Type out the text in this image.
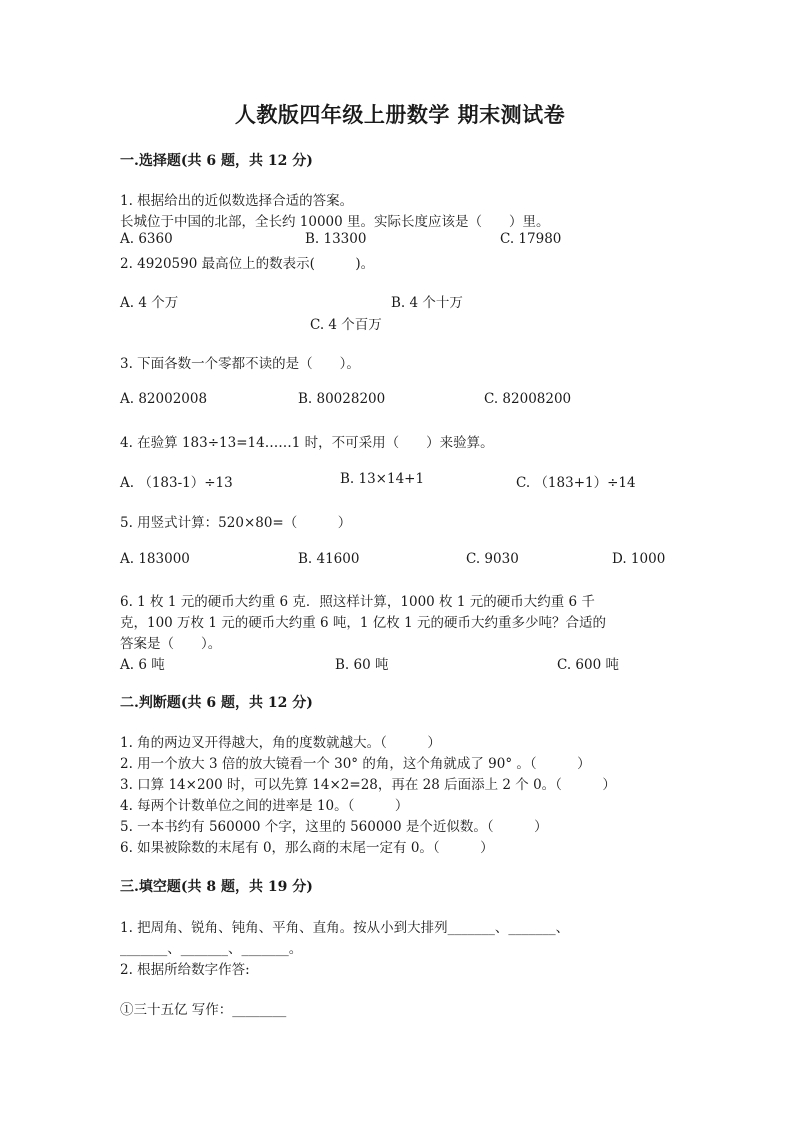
人教版四年级上册数学 期末测试卷
一.选择题(共 6 题，共 12 分)
1. 根据给出的近似数选择合适的答案。
长城位于中国的北部，全长约 10000 里。实际长度应该是（　　）里。
A. 6360	B. 13300	C. 17980
2. 4920590 最高位上的数表示(　　　)。
A. 4 个万	B. 4 个十万
C. 4 个百万
3. 下面各数一个零都不读的是（　　）。
A. 82002008	B. 80028200	C. 82008200
4. 在验算 183÷13=14……1 时，不可采用（　　）来验算。
A. （183-1）÷13	B. 13×14+1	C. （183+1）÷14
5. 用竖式计算：520×80=（　　　）
A. 183000	B. 41600	C. 9030	D. 1000
6. 1 枚 1 元的硬币大约重 6 克．照这样计算，1000 枚 1 元的硬币大约重 6 千
克，100 万枚 1 元的硬币大约重 6 吨，1 亿枚 1 元的硬币大约重多少吨？合适的
答案是（　　）。
A. 6 吨	B. 60 吨	C. 600 吨
二.判断题(共 6 题，共 12 分)
1. 角的两边叉开得越大，角的度数就越大。（　　　）
2. 用一个放大 3 倍的放大镜看一个 30° 的角，这个角就成了 90° 。（　　　）
3. 口算 14×200 时，可以先算 14×2=28，再在 28 后面添上 2 个 0。（　　　）
4. 每两个计数单位之间的进率是 10。（　　　）
5. 一本书约有 560000 个字，这里的 560000 是个近似数。（　　　）
6. 如果被除数的末尾有 0，那么商的末尾一定有 0。（　　　）
三.填空题(共 8 题，共 19 分)
1. 把周角、锐角、钝角、平角、直角。按从小到大排列_______、_______、
_______、_______、_______。
2. 根据所给数字作答:
①三十五亿 写作：________
